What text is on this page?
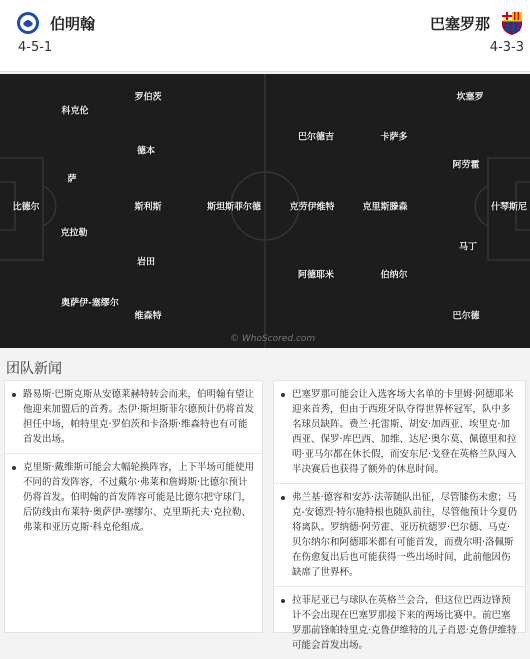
伯明翰
4-5-1
巴塞罗那
4-3-3
比德尔
科克伦
克拉勒
奥萨伊-塞缪尔
罗伯茨
萨
德本
斯利斯
岩田
维森特
斯坦斯菲尔德	什琴斯尼
坎塞罗
阿劳霍
马丁
巴尔德
克里斯滕森
巴尔德吉	卡萨多
伯纳尔
阿德耶米
克劳伊维特
© WhoScored.com
团队新闻
路易斯·巴斯克斯从安德莱赫特转会而来，伯明翰有望让他迎来加盟后的首秀。杰伊·斯坦斯菲尔德预计仍将首发担任中场，帕特里克·罗伯茨和卡洛斯·维森特也有可能首发出场。
克里斯·戴维斯可能会大幅轮换阵容，上下半场可能使用不同的首发阵容，不过戴尔·弗莱和詹姆斯·比德尔预计仍将首发。伯明翰的首发阵容可能是比德尔把守球门，后防线由布莱特·奥萨伊-塞缪尔、克里斯托夫·克拉勒、弗莱和亚历克斯·科克伦组成。
巴塞罗那可能会让入选客场大名单的卡里姆·阿德耶米迎来首秀，但由于西班牙队夺得世界杯冠军，队中多名球员缺阵。费兰·托雷斯、胡安·加西亚、埃里克·加西亚、保罗·库巴西、加维、达尼·奥尔莫、佩德里和拉明·亚马尔都在休长假，而安东尼·戈登在英格兰队闯入半决赛后也获得了额外的休息时间。
弗兰基·德容和安苏·法蒂随队出征，尽管膝伤未愈；马克-安德烈·特尔施特根也随队前往，尽管他预计今夏仍将离队。罗纳德·阿劳霍、亚历杭德罗·巴尔德、马克·贝尔纳尔和阿德耶米都有可能首发，而费尔明·洛佩斯在伤愈复出后也可能获得一些出场时间，此前他因伤缺席了世界杯。
拉菲尼亚已与球队在英格兰会合，但这位巴西边锋预计不会出现在巴塞罗那接下来的两场比赛中。前巴塞罗那前锋帕特里克·克鲁伊维特的儿子肖恩·克鲁伊维特可能会首发出场。
